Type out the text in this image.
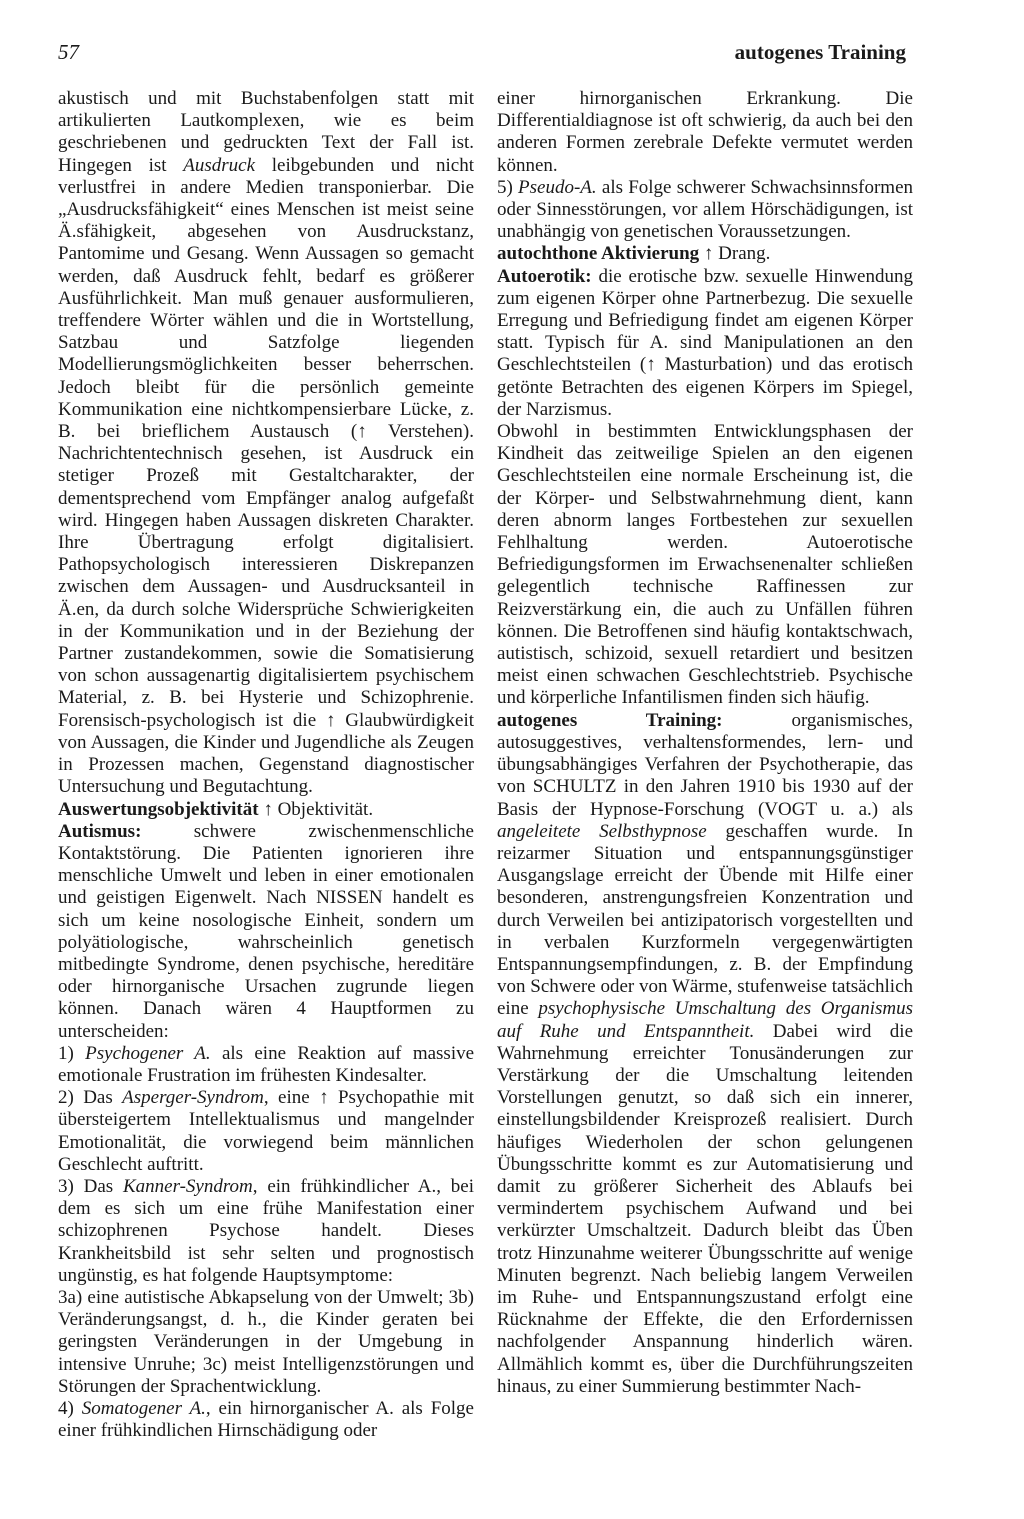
57	autogenes Training

akustisch und mit Buchstabenfolgen statt mit artikulierten Lautkomplexen, wie es beim geschriebenen und gedruckten Text der Fall ist. Hingegen ist Ausdruck leibgebunden und nicht verlustfrei in andere Medien transponierbar. Die „Ausdrucksfähigkeit“ eines Menschen ist meist seine Ä.sfähigkeit, abgesehen von Ausdruckstanz, Pantomime und Gesang. Wenn Aussagen so gemacht werden, daß Ausdruck fehlt, bedarf es größerer Ausführlichkeit. Man muß genauer ausformulieren, treffendere Wörter wählen und die in Wortstellung, Satzbau und Satzfolge liegenden Modellierungsmöglichkeiten besser beherrschen. Jedoch bleibt für die persönlich gemeinte Kommunikation eine nichtkompensierbare Lücke, z. B. bei brieflichem Austausch (↑ Verstehen). Nachrichtentechnisch gesehen, ist Ausdruck ein stetiger Prozeß mit Gestaltcharakter, der dementsprechend vom Empfänger analog aufgefaßt wird. Hingegen haben Aussagen diskreten Charakter. Ihre Übertragung erfolgt digitalisiert. Pathopsychologisch interessieren Diskrepanzen zwischen dem Aussagen- und Ausdrucksanteil in Ä.en, da durch solche Widersprüche Schwierigkeiten in der Kommunikation und in der Beziehung der Partner zustandekommen, sowie die Somatisierung von schon aussagenartig digitalisiertem psychischem Material, z. B. bei Hysterie und Schizophrenie. Forensisch-psychologisch ist die ↑ Glaubwürdigkeit von Aussagen, die Kinder und Jugendliche als Zeugen in Prozessen machen, Gegenstand diagnostischer Untersuchung und Begutachtung.

Auswertungsobjektivität ↑ Objektivität.

Autismus:	schwere zwischenmenschliche Kontaktstörung. Die Patienten ignorieren ihre menschliche Umwelt und leben in einer emotionalen und geistigen Eigenwelt. Nach NISSEN handelt es sich um keine nosologische Einheit, sondern um polyätiologische, wahrscheinlich genetisch mitbedingte Syndrome, denen psychische, hereditäre oder hirnorganische Ursachen zugrunde liegen können. Danach wären 4 Hauptformen zu unterscheiden:

1) Psychogener A. als eine Reaktion auf massive emotionale Frustration im frühesten Kindesalter.

2) Das Asperger-Syndrom, eine ↑ Psychopathie mit übersteigertem Intellektualismus und mangelnder Emotionalität, die vorwiegend beim männlichen Geschlecht auftritt.

3) Das Kanner-Syndrom, ein frühkindlicher A., bei dem es sich um eine frühe Manifestation einer schizophrenen Psychose handelt. Dieses Krankheitsbild ist sehr selten und prognostisch ungünstig, es hat folgende Hauptsymptome:

3a) eine autistische Abkapselung von der Umwelt; 3b) Veränderungsangst, d. h., die Kinder geraten bei geringsten Veränderungen in der Umgebung in intensive Unruhe; 3c) meist Intelligenzstörungen und Störungen der Sprachentwicklung.

4) Somatogener A., ein hirnorganischer A. als Folge einer frühkindlichen Hirnschädigung oder

einer hirnorganischen Erkrankung. Die Differentialdiagnose ist oft schwierig, da auch bei den anderen Formen zerebrale Defekte vermutet werden können.

5) Pseudo-A. als Folge schwerer Schwachsinnsformen oder Sinnesstörungen, vor allem Hörschädigungen, ist unabhängig von genetischen Voraussetzungen.

autochthone Aktivierung ↑ Drang.

Autoerotik: die erotische bzw. sexuelle Hinwendung zum eigenen Körper ohne Partnerbezug. Die sexuelle Erregung und Befriedigung findet am eigenen Körper statt. Typisch für A. sind Manipulationen an den Geschlechtsteilen (↑ Masturbation) und das erotisch getönte Betrachten des eigenen Körpers im Spiegel, der Narzismus.

Obwohl in bestimmten Entwicklungsphasen der Kindheit das zeitweilige Spielen an den eigenen Geschlechtsteilen eine normale Erscheinung ist, die der Körper- und Selbstwahrnehmung dient, kann deren abnorm langes Fortbestehen zur sexuellen Fehlhaltung werden. Autoerotische Befriedigungsformen im Erwachsenenalter schließen gelegentlich technische Raffinessen zur Reizverstärkung ein, die auch zu Unfällen führen können. Die Betroffenen sind häufig kontaktschwach, autistisch, schizoid, sexuell retardiert und besitzen meist einen schwachen Geschlechtstrieb. Psychische und körperliche Infantilismen finden sich häufig.

autogenes Training:	organismisches, autosuggestives, verhaltensformendes, lern- und übungsabhängiges Verfahren der Psychotherapie, das von SCHULTZ in den Jahren 1910 bis 1930 auf der Basis der Hypnose-Forschung (VOGT u. a.) als angeleitete Selbsthypnose geschaffen wurde. In reizarmer Situation und entspannungsgünstiger Ausgangslage erreicht der Übende mit Hilfe einer besonderen, anstrengungsfreien Konzentration und durch Verweilen bei antizipatorisch vorgestellten und in verbalen Kurzformeln vergegenwärtigten Entspannungsempfindungen, z. B. der Empfindung von Schwere oder von Wärme, stufenweise tatsächlich eine psychophysische Umschaltung des Organismus auf Ruhe und Entspanntheit. Dabei wird die Wahrnehmung erreichter Tonusänderungen zur Verstärkung der die Umschaltung leitenden Vorstellungen genutzt, so daß sich ein innerer, einstellungsbildender Kreisprozeß realisiert. Durch häufiges Wiederholen der schon gelungenen Übungsschritte kommt es zur Automatisierung und damit zu größerer Sicherheit des Ablaufs bei vermindertem psychischem Aufwand und bei verkürzter Umschaltzeit. Dadurch bleibt das Üben trotz Hinzunahme weiterer Übungsschritte auf wenige Minuten begrenzt. Nach beliebig langem Verweilen im Ruhe- und Entspannungszustand erfolgt eine Rücknahme der Effekte, die den Erfordernissen nachfolgender Anspannung hinderlich wären. Allmählich kommt es, über die Durchführungszeiten hinaus, zu einer Summierung bestimmter Nach-
